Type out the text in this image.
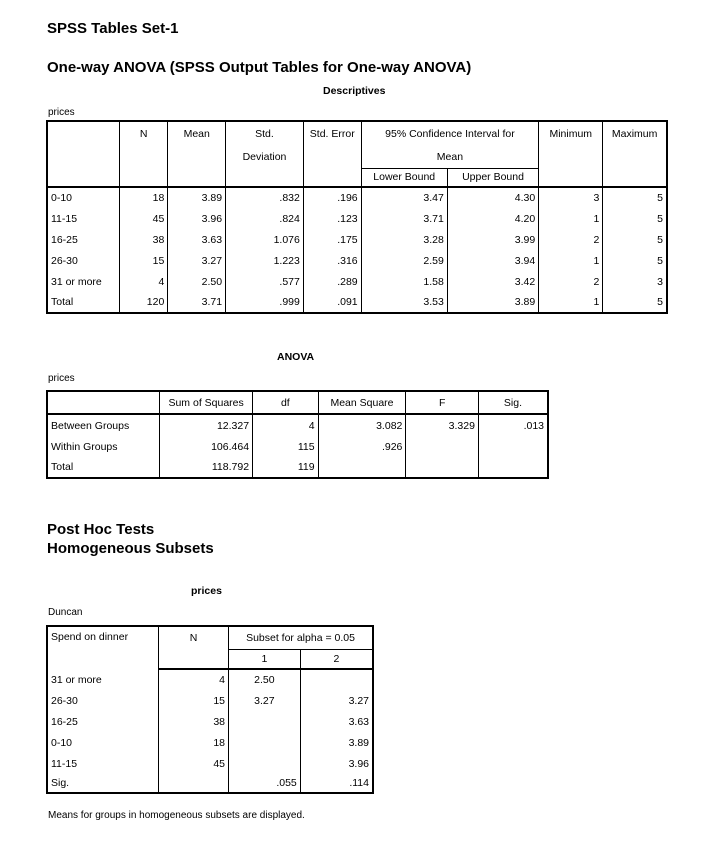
SPSS Tables Set-1
One-way ANOVA (SPSS Output Tables for One-way ANOVA)
Descriptives
prices
	N	Mean	Std.	Std. Error	95% Confidence Interval for		Minimum	Maximum
			Deviation		Mean			
					Lower Bound	Upper Bound		
0-10	18	3.89	.832	.196	3.47	4.30	3	5
11-15	45	3.96	.824	.123	3.71	4.20	1	5
16-25	38	3.63	1.076	.175	3.28	3.99	2	5
26-30	15	3.27	1.223	.316	2.59	3.94	1	5
31 or more	4	2.50	.577	.289	1.58	3.42	2	3
Total	120	3.71	.999	.091	3.53	3.89	1	5
ANOVA
prices
	Sum of Squares	df	Mean Square	F	Sig.
Between Groups	12.327	4	3.082	3.329	.013
Within Groups	106.464	115	.926		
Total	118.792	119			
Post Hoc Tests
Homogeneous Subsets
prices
Duncan
Spend on dinner	N	Subset for alpha = 0.05	
		1	2
31 or more	4	2.50	
26-30	15	3.27	3.27
16-25	38		3.63
0-10	18		3.89
11-15	45		3.96
Sig.		.055	.114
Means for groups in homogeneous subsets are displayed.
